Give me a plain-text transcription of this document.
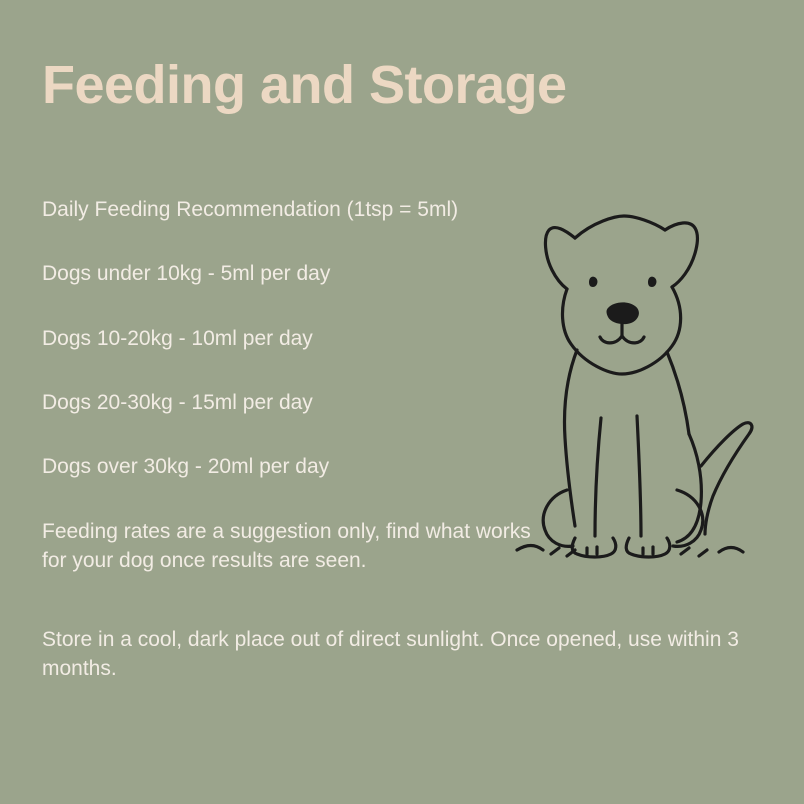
Feeding and Storage

Daily Feeding Recommendation (1tsp = 5ml)

Dogs under 10kg - 5ml per day

Dogs 10-20kg - 10ml per day

Dogs 20-30kg - 15ml per day

Dogs over 30kg - 20ml per day

Feeding rates are a suggestion only, find what works for your dog once results are seen.

Store in a cool, dark place out of direct sunlight. Once opened, use within 3 months.
